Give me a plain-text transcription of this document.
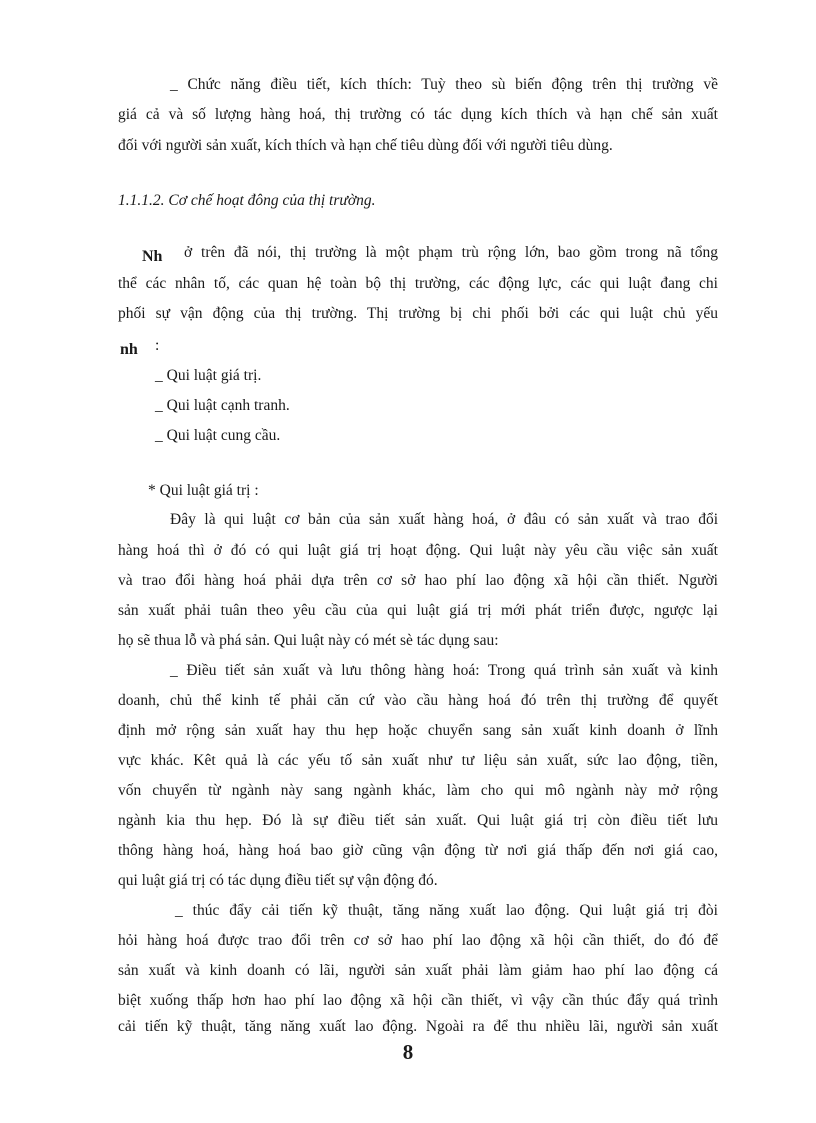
_ Chức năng điều tiết, kích thích: Tuỳ theo sù biến động trên thị trường về
giá cả và số lượng hàng hoá, thị trường có tác dụng kích thích và hạn chế sản xuất
đối với người sản xuất, kích thích và hạn chế tiêu dùng đối với người tiêu dùng.
1.1.1.2. Cơ chế hoạt đông của thị trường.
Nh	ở trên đã nói, thị trường là một phạm trù rộng lớn, bao gồm trong nã tổng
thể các nhân tố, các quan hệ toàn bộ thị trường, các động lực, các qui luật đang chi
phối sự vận động của thị trường. Thị trường bị chi phối bởi các qui luật chủ yếu
nh	:
_ Qui luật giá trị.
_ Qui luật cạnh tranh.
_ Qui luật cung cầu.
* Qui luật giá trị :
Đây là qui luật cơ bản của sản xuất hàng hoá, ở đâu có sản xuất và trao đổi
hàng hoá thì ở đó có qui luật giá trị hoạt động. Qui luật này yêu cầu việc sản xuất
và trao đổi hàng hoá phải dựa trên cơ sở hao phí lao động xã hội cần thiết. Người
sản xuất phải tuân theo yêu cầu của qui luật giá trị mới phát triển được, ngược lại
họ sẽ thua lỗ và phá sản. Qui luật này có mét sè tác dụng sau:
_ Điều tiết sản xuất và lưu thông hàng hoá: Trong quá trình sản xuất và kinh
doanh, chủ thể kinh tế phải căn cứ vào cầu hàng hoá đó trên thị trường để quyết
định mở rộng sản xuất hay thu hẹp hoặc chuyển sang sản xuất kinh doanh ở lĩnh
vực khác. Kêt quả là các yếu tố sản xuất như tư liệu sản xuất, sức lao động, tiền,
vốn chuyển từ ngành này sang ngành khác, làm cho qui mô ngành này mở rộng
ngành kia thu hẹp. Đó là sự điều tiết sản xuất. Qui luật giá trị còn điều tiết lưu
thông hàng hoá, hàng hoá bao giờ cũng vận động từ nơi giá thấp đến nơi giá cao,
qui luật giá trị có tác dụng điều tiết sự vận động đó.
_ thúc đẩy cải tiến kỹ thuật, tăng năng xuất lao động. Qui luật giá trị đòi
hỏi hàng hoá được trao đổi trên cơ sở hao phí lao động xã hội cần thiết, do đó để
sản xuất và kinh doanh có lãi, người sản xuất phải làm giảm hao phí lao động cá
biệt xuống thấp hơn hao phí lao động xã hội cần thiết, vì vậy cần thúc đẩy quá trình
cải tiến kỹ thuật, tăng năng xuất lao động. Ngoài ra để thu nhiều lãi, người sản xuất
8
